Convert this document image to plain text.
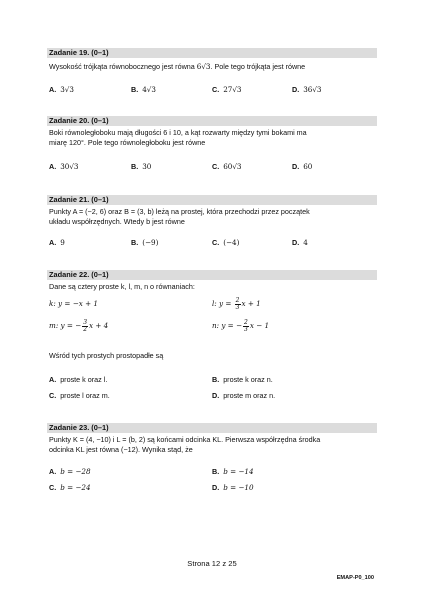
Zadanie 19. (0–1)
Wysokość trójkąta równobocznego jest równa 6√3. Pole tego trójkąta jest równe
A. 3√3	B. 4√3	C. 27√3	D. 36√3
Zadanie 20. (0–1)
Boki równoległoboku mają długości 6 i 10, a kąt rozwarty między tymi bokami ma
miarę 120°. Pole tego równoległoboku jest równe
A. 30√3	B. 30	C. 60√3	D. 60
Zadanie 21. (0–1)
Punkty A = (−2, 6) oraz B = (3, b) leżą na prostej, która przechodzi przez początek
układu współrzędnych. Wtedy b jest równe
A. 9	B. (−9)	C. (−4)	D. 4
Zadanie 22. (0–1)
Dane są cztery proste k, l, m, n o równaniach:
k: y = −x + 1	l: $y = \frac{2}{3}$ x + 1
m: y = − $\frac{3}{2}$ x + 4	n: y = − $\frac{2}{3}$ x − 1
Wśród tych prostych prostopadłe są
A. proste k oraz l.	B. proste k oraz n.
C. proste l oraz m.	D. proste m oraz n.
Zadanie 23. (0–1)
Punkty K = (4, −10) i L = (b, 2) są końcami odcinka KL. Pierwsza współrzędna środka
odcinka KL jest równa (−12). Wynika stąd, że
A. b = −28	B. b = −14
C. b = −24	D. b = −10
Strona 12 z 25
EMAP-P0_100
